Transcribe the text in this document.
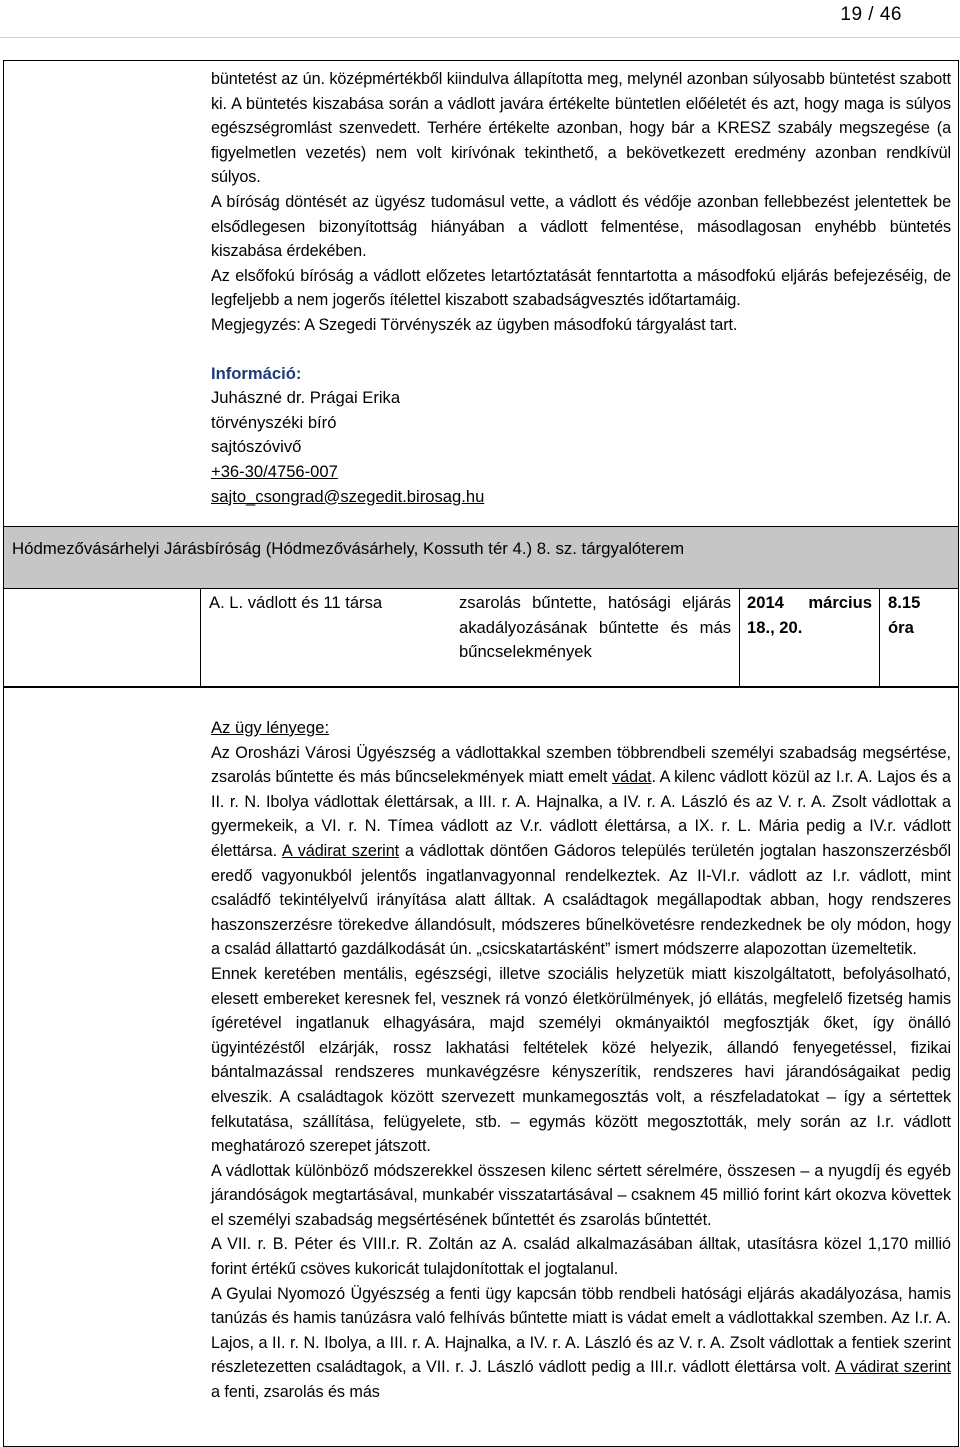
19 / 46

büntetést az ún. középmértékből kiindulva állapította meg, melynél azonban súlyosabb büntetést szabott ki. A büntetés kiszabása során a vádlott javára értékelte büntetlen előéletét és azt, hogy maga is súlyos egészségromlást szenvedett. Terhére értékelte azonban, hogy bár a KRESZ szabály megszegése (a figyelmetlen vezetés) nem volt kirívónak tekinthető, a bekövetkezett eredmény azonban rendkívül súlyos.

A bíróság döntését az ügyész tudomásul vette, a vádlott és védője azonban fellebbezést jelentettek be elsődlegesen bizonyítottság hiányában a vádlott felmentése, másodlagosan enyhébb büntetés kiszabása érdekében.

Az elsőfokú bíróság a vádlott előzetes letartóztatását fenntartotta a másodfokú eljárás befejezéséig, de legfeljebb a nem jogerős ítélettel kiszabott szabadságvesztés időtartamáig.

Megjegyzés: A Szegedi Törvényszék az ügyben másodfokú tárgyalást tart.

Információ:
Juhászné dr. Prágai Erika
törvényszéki bíró
sajtószóvivő
+36-30/4756-007
sajto_csongrad@szegedit.birosag.hu
Hódmezővásárhelyi Járásbíróság (Hódmezővásárhely, Kossuth tér 4.) 8. sz. tárgyalóterem
A. L. vádlott és 11 társa	zsarolás bűntette, hatósági eljárás akadályozásának bűntette és más bűncselekmények
2014 március 18., 20.
8.15 óra
Az ügy lényege:

Az Orosházi Városi Ügyészség a vádlottakkal szemben többrendbeli személyi szabadság megsértése, zsarolás bűntette és más bűncselekmények miatt emelt vádat. A kilenc vádlott közül az I.r. A. Lajos és a II. r. N. Ibolya vádlottak élettársak, a III. r. A. Hajnalka, a IV. r. A. László és az V. r. A. Zsolt vádlottak a gyermekeik, a VI. r. N. Tímea vádlott az V.r. vádlott élettársa, a IX. r. L. Mária pedig a IV.r. vádlott élettársa. A vádirat szerint a vádlottak döntően Gádoros település területén jogtalan haszonszerzésből eredő vagyonukból jelentős ingatlanvagyonnal rendelkeztek. Az II-VI.r. vádlott az I.r. vádlott, mint családfő tekintélyelvű irányítása alatt álltak. A családtagok megállapodtak abban, hogy rendszeres haszonszerzésre törekedve állandósult, módszeres bűnelkövetésre rendezkednek be oly módon, hogy a család állattartó gazdálkodását ún. „csicskatartásként” ismert módszerre alapozottan üzemeltetik.

Ennek keretében mentális, egészségi, illetve szociális helyzetük miatt kiszolgáltatott, befolyásolható, elesett embereket keresnek fel, vesznek rá vonzó életkörülmények, jó ellátás, megfelelő fizetség hamis ígéretével ingatlanuk elhagyására, majd személyi okmányaiktól megfosztják őket, így önálló ügyintézéstől elzárják, rossz lakhatási feltételek közé helyezik, állandó fenyegetéssel, fizikai bántalmazással rendszeres munkavégzésre kényszerítik, rendszeres havi járandóságaikat pedig elveszik. A családtagok között szervezett munkamegosztás volt, a részfeladatokat – így a sértettek felkutatása, szállítása, felügyelete, stb. – egymás között megosztották, mely során az I.r. vádlott meghatározó szerepet játszott.

A vádlottak különböző módszerekkel összesen kilenc sértett sérelmére, összesen – a nyugdíj és egyéb járandóságok megtartásával, munkabér visszatartásával – csaknem 45 millió forint kárt okozva követtek el személyi szabadság megsértésének bűntettét és zsarolás bűntettét.

A VII. r. B. Péter és VIII.r. R. Zoltán az A. család alkalmazásában álltak, utasításra közel 1,170 millió forint értékű csöves kukoricát tulajdonítottak el jogtalanul.

A Gyulai Nyomozó Ügyészség a fenti ügy kapcsán több rendbeli hatósági eljárás akadályozása, hamis tanúzás és hamis tanúzásra való felhívás bűntette miatt is vádat emelt a vádlottakkal szemben. Az I.r. A. Lajos, a II. r. N. Ibolya, a III. r. A. Hajnalka, a IV. r. A. László és az V. r. A. Zsolt vádlottak a fentiek szerint részletezetten családtagok, a VII. r. J. László vádlott pedig a III.r. vádlott élettársa volt. A vádirat szerint a fenti, zsarolás és más
